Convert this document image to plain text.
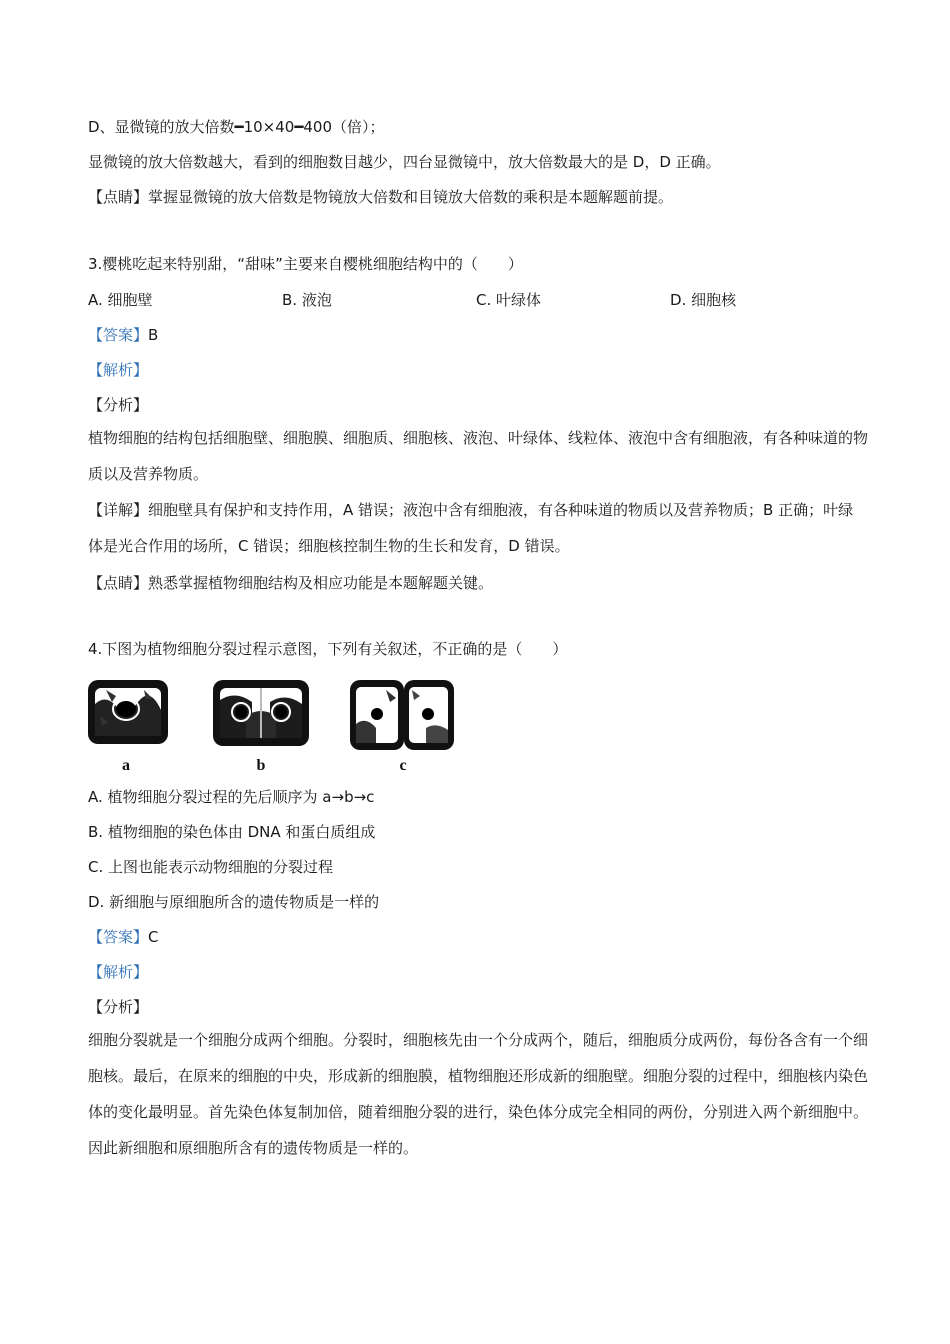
D、显微镜的放大倍数━10×40━400（倍）；
显微镜的放大倍数越大，看到的细胞数目越少，四台显微镜中，放大倍数最大的是 D，D 正确。
【点睛】掌握显微镜的放大倍数是物镜放大倍数和目镜放大倍数的乘积是本题解题前提。
3.樱桃吃起来特别甜，“甜味”主要来自樱桃细胞结构中的（　　）
A. 细胞壁	B. 液泡	C. 叶绿体	D. 细胞核
【答案】B
【解析】
【分析】
植物细胞的结构包括细胞壁、细胞膜、细胞质、细胞核、液泡、叶绿体、线粒体、液泡中含有细胞液，有各种味道的物质以及营养物质。
【详解】细胞壁具有保护和支持作用，A 错误；液泡中含有细胞液，有各种味道的物质以及营养物质；B 正确；叶绿体是光合作用的场所，C 错误；细胞核控制生物的生长和发育，D 错误。
【点睛】熟悉掌握植物细胞结构及相应功能是本题解题关键。
4.下图为植物细胞分裂过程示意图，下列有关叙述，不正确的是（　　）
a	b	c
A. 植物细胞分裂过程的先后顺序为 a→b→c
B. 植物细胞的染色体由 DNA 和蛋白质组成
C. 上图也能表示动物细胞的分裂过程
D. 新细胞与原细胞所含的遗传物质是一样的
【答案】C
【解析】
【分析】
细胞分裂就是一个细胞分成两个细胞。分裂时，细胞核先由一个分成两个，随后，细胞质分成两份，每份各含有一个细胞核。最后，在原来的细胞的中央，形成新的细胞膜，植物细胞还形成新的细胞壁。细胞分裂的过程中，细胞核内染色体的变化最明显。首先染色体复制加倍，随着细胞分裂的进行，染色体分成完全相同的两份，分别进入两个新细胞中。因此新细胞和原细胞所含有的遗传物质是一样的。
